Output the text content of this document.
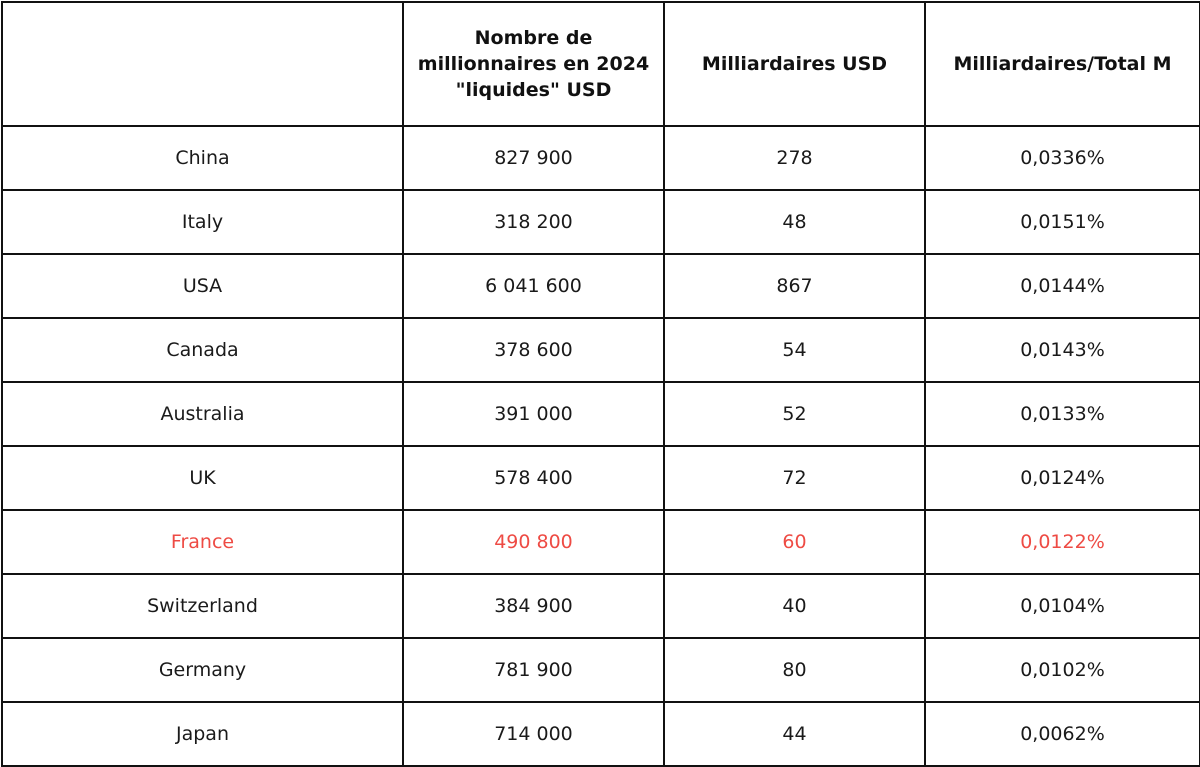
	Nombre de millionnaires en 2024 "liquides" USD	Milliardaires USD	Milliardaires/Total M
China	827 900	278	0,0336%
Italy	318 200	48	0,0151%
USA	6 041 600	867	0,0144%
Canada	378 600	54	0,0143%
Australia	391 000	52	0,0133%
UK	578 400	72	0,0124%
France	490 800	60	0,0122%
Switzerland	384 900	40	0,0104%
Germany	781 900	80	0,0102%
Japan	714 000	44	0,0062%
